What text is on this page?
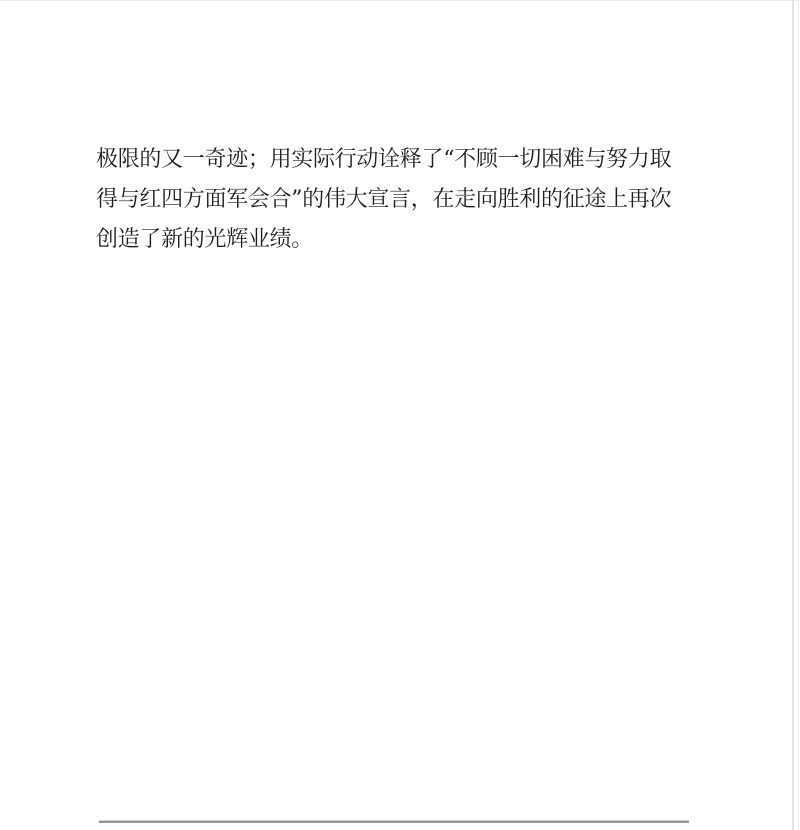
极限的又一奇迹；用实际行动诠释了“不顾一切困难与努力取
得与红四方面军会合”的伟大宣言，在走向胜利的征途上再次
创造了新的光辉业绩。
